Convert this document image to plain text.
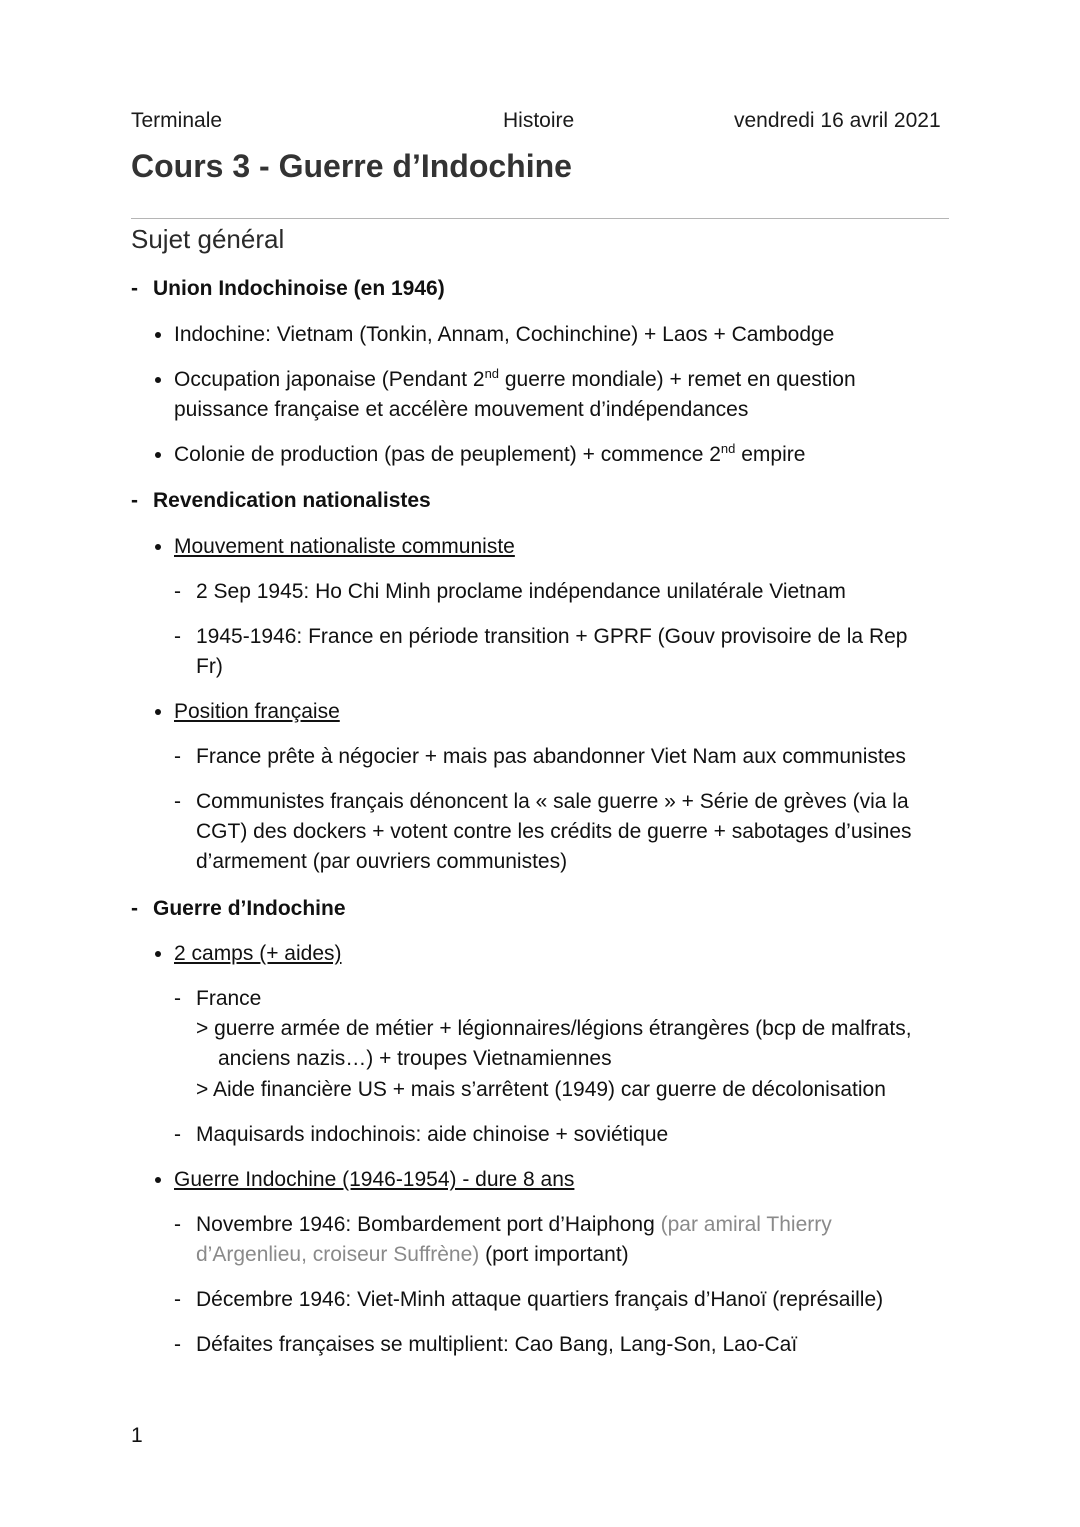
Terminale	Histoire	vendredi 16 avril 2021
Cours 3 - Guerre d’Indochine
Sujet général
- Union Indochinoise (en 1946)
Indochine: Vietnam (Tonkin, Annam, Cochinchine) + Laos + Cambodge
Occupation japonaise (Pendant 2nd guerre mondiale) + remet en question
puissance française et accélère mouvement d’indépendances
Colonie de production (pas de peuplement) + commence 2nd empire
- Revendication nationalistes
Mouvement nationaliste communiste
- 2 Sep 1945: Ho Chi Minh proclame indépendance unilatérale Vietnam
- 1945-1946: France en période transition + GPRF (Gouv provisoire de la Rep
Fr)
Position française
- France prête à négocier + mais pas abandonner Viet Nam aux communistes
- Communistes français dénoncent la « sale guerre » + Série de grèves (via la
CGT) des dockers + votent contre les crédits de guerre + sabotages d’usines
d’armement (par ouvriers communistes)
- Guerre d’Indochine
2 camps (+ aides)
- France
> guerre armée de métier + légionnaires/légions étrangères (bcp de malfrats,
anciens nazis…) + troupes Vietnamiennes
> Aide financière US + mais s’arrêtent (1949) car guerre de décolonisation
- Maquisards indochinois: aide chinoise + soviétique
Guerre Indochine (1946-1954) - dure 8 ans
- Novembre 1946: Bombardement port d’Haiphong (par amiral Thierry
d’Argenlieu, croiseur Suffrène) (port important)
- Décembre 1946: Viet-Minh attaque quartiers français d’Hanoï (représaille)
- Défaites françaises se multiplient: Cao Bang, Lang-Son, Lao-Caï
1
